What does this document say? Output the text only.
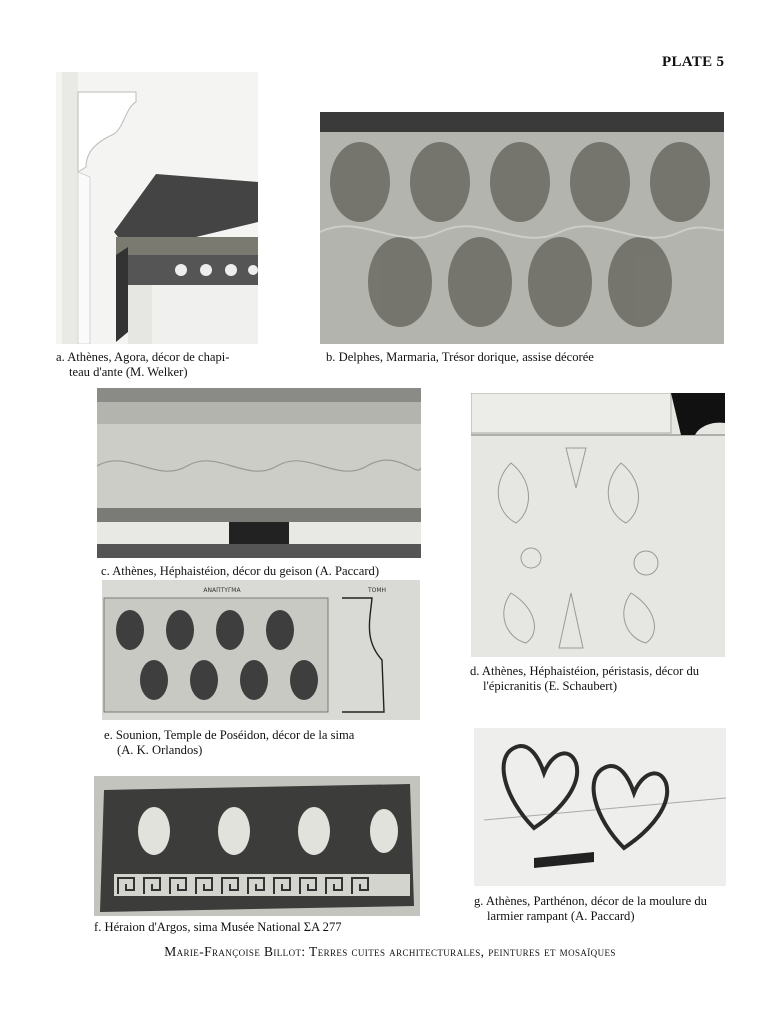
PLATE 5
a. Athènes, Agora, décor de chapi-
teau d'ante (M. Welker)
b. Delphes, Marmaria, Trésor dorique, assise décorée
c. Athènes, Héphaistéion, décor du geison (A. Paccard)
d. Athènes, Héphaistéion, péristasis, décor du
l'épicranitis (E. Schaubert)
ΑΝΑΠΤΥΓΜΑ	ΤΟΜΗ
e. Sounion, Temple de Poséidon, décor de la sima
(A. K. Orlandos)
f. Héraion d'Argos, sima Musée National ΣΑ 277
g. Athènes, Parthénon, décor de la moulure du
larmier rampant (A. Paccard)
Marie-Françoise Billot: Terres cuites architecturales, peintures et mosaïques
